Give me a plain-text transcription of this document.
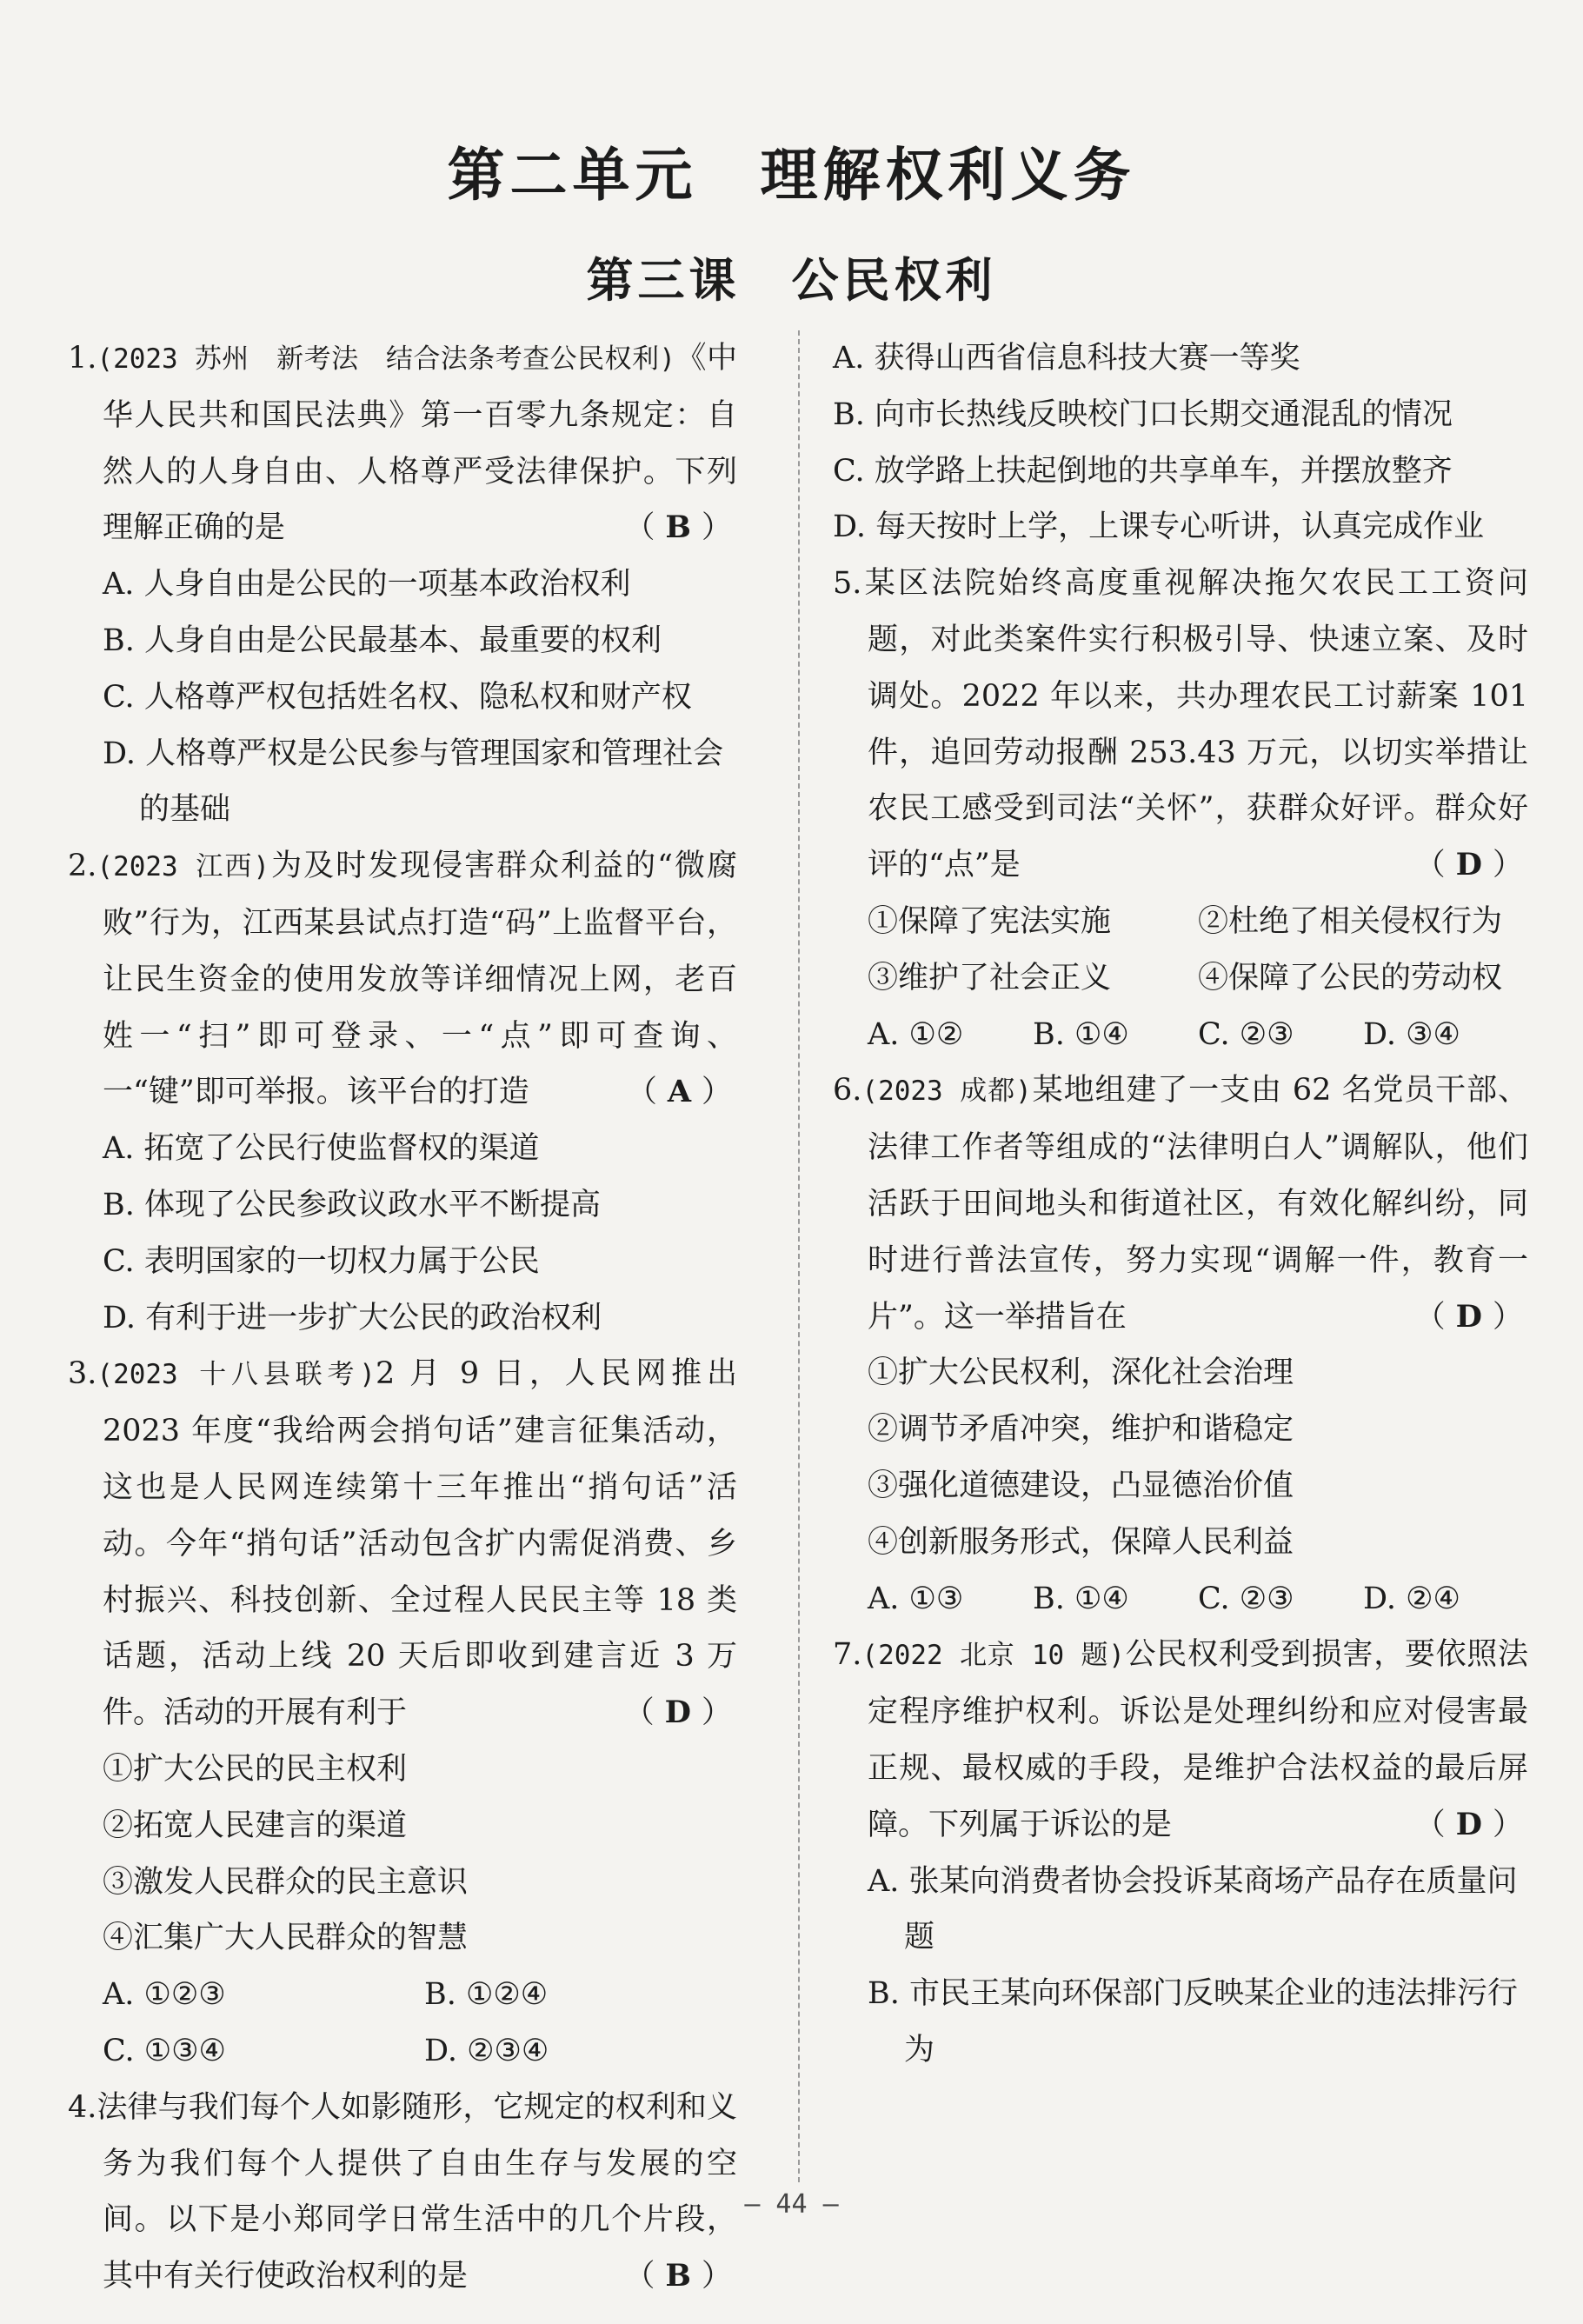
第二单元　理解权利义务
第三课　公民权利
1.(2023 苏州　新考法　结合法条考查公民权利)《中华人民共和国民法典》第一百零九条规定：自然人的人身自由、人格尊严受法律保护。下列理解正确的是	（ B ）
A. 人身自由是公民的一项基本政治权利
B. 人身自由是公民最基本、最重要的权利
C. 人格尊严权包括姓名权、隐私权和财产权
D. 人格尊严权是公民参与管理国家和管理社会的基础
2.(2023 江西)为及时发现侵害群众利益的“微腐败”行为，江西某县试点打造“码”上监督平台，让民生资金的使用发放等详细情况上网，老百姓一“扫”即可登录、一“点”即可查询、一“键”即可举报。该平台的打造	（ A ）
A. 拓宽了公民行使监督权的渠道
B. 体现了公民参政议政水平不断提高
C. 表明国家的一切权力属于公民
D. 有利于进一步扩大公民的政治权利
3.(2023 十八县联考)2 月 9 日，人民网推出 2023 年度“我给两会捎句话”建言征集活动，这也是人民网连续第十三年推出“捎句话”活动。今年“捎句话”活动包含扩内需促消费、乡村振兴、科技创新、全过程人民民主等 18 类话题，活动上线 20 天后即收到建言近 3 万件。活动的开展有利于	（ D ）
①扩大公民的民主权利
②拓宽人民建言的渠道
③激发人民群众的民主意识
④汇集广大人民群众的智慧
A. ①②③	B. ①②④
C. ①③④	D. ②③④
4.法律与我们每个人如影随形，它规定的权利和义务为我们每个人提供了自由生存与发展的空间。以下是小郑同学日常生活中的几个片段，其中有关行使政治权利的是	（ B ）
A. 获得山西省信息科技大赛一等奖
B. 向市长热线反映校门口长期交通混乱的情况
C. 放学路上扶起倒地的共享单车，并摆放整齐
D. 每天按时上学，上课专心听讲，认真完成作业
5.某区法院始终高度重视解决拖欠农民工工资问题，对此类案件实行积极引导、快速立案、及时调处。2022 年以来，共办理农民工讨薪案 101 件，追回劳动报酬 253.43 万元，以切实举措让农民工感受到司法“关怀”，获群众好评。群众好评的“点”是	（ D ）
①保障了宪法实施	②杜绝了相关侵权行为
③维护了社会正义	④保障了公民的劳动权
A. ①②	B. ①④	C. ②③	D. ③④
6.(2023 成都)某地组建了一支由 62 名党员干部、法律工作者等组成的“法律明白人”调解队，他们活跃于田间地头和街道社区，有效化解纠纷，同时进行普法宣传，努力实现“调解一件，教育一片”。这一举措旨在	（ D ）
①扩大公民权利，深化社会治理
②调节矛盾冲突，维护和谐稳定
③强化道德建设，凸显德治价值
④创新服务形式，保障人民利益
A. ①③	B. ①④	C. ②③	D. ②④
7.(2022 北京 10 题)公民权利受到损害，要依照法定程序维护权利。诉讼是处理纠纷和应对侵害最正规、最权威的手段，是维护合法权益的最后屏障。下列属于诉讼的是	（ D ）
A. 张某向消费者协会投诉某商场产品存在质量问题
B. 市民王某向环保部门反映某企业的违法排污行为
— 44 —
